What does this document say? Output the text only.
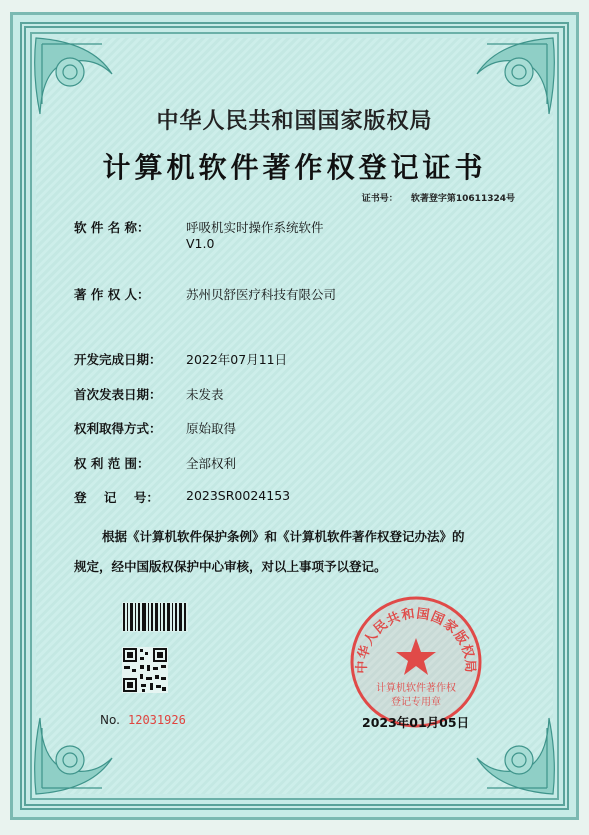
中华人民共和国国家版权局
计算机软件著作权登记证书
证书号： 软著登字第10611324号
软 件 名 称：	呼吸机实时操作系统软件
V1.0
著 作 权 人：	苏州贝舒医疗科技有限公司
开发完成日期：	2022年07月11日
首次发表日期：	未发表
权利取得方式：	原始取得
权 利 范 围：	全部权利
登    记    号：	2023SR0024153
根据《计算机软件保护条例》和《计算机软件著作权登记办法》的
规定，经中国版权保护中心审核，对以上事项予以登记。
No. 12031926
中华人民共和国国家版权局
计算机软件著作权
登记专用章
2023年01月05日
